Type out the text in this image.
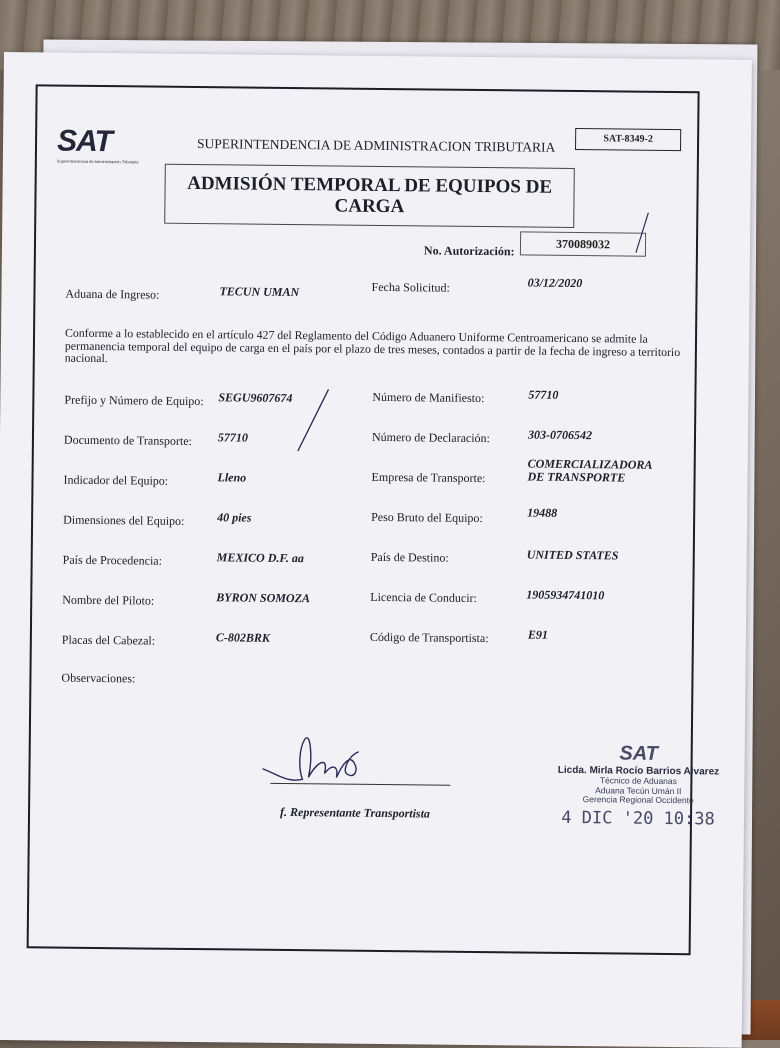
SAT
Superintendencia de Administración Tributaria
SUPERINTENDENCIA DE ADMINISTRACION TRIBUTARIA	SAT-8349-2
ADMISIÓN TEMPORAL DE EQUIPOS DE
CARGA
No. Autorización:	370089032
Aduana de Ingreso:	TECUN UMAN	Fecha Solicitud:	03/12/2020
Conforme a lo establecido en el artículo 427 del Reglamento del Código Aduanero Uniforme Centroamericano se admite la permanencia temporal del equipo de carga en el país por el plazo de tres meses, contados a partir de la fecha de ingreso a territorio nacional.
Prefijo y Número de Equipo: SEGU9607674	Número de Manifiesto:	57710
Documento de Transporte: 57710	Número de Declaración:	303-0706542
Indicador del Equipo:	Lleno	Empresa de Transporte:
COMERCIALIZADORA
DE TRANSPORTE
Dimensiones del Equipo:	40 pies	Peso Bruto del Equipo:	19488
País de Procedencia:	MEXICO D.F. aa	País de Destino:	UNITED STATES
Nombre del Piloto:	BYRON SOMOZA	Licencia de Conducir:	1905934741010
Placas del Cabezal:	C-802BRK	Código de Transportista:	E91
Observaciones:
f. Representante Transportista
SAT
Licda. Mirla Rocío Barrios Alvarez
Técnico de Aduanas
Aduana Tecún Umán II
Gerencia Regional Occidente
4 DIC '20 10:38
